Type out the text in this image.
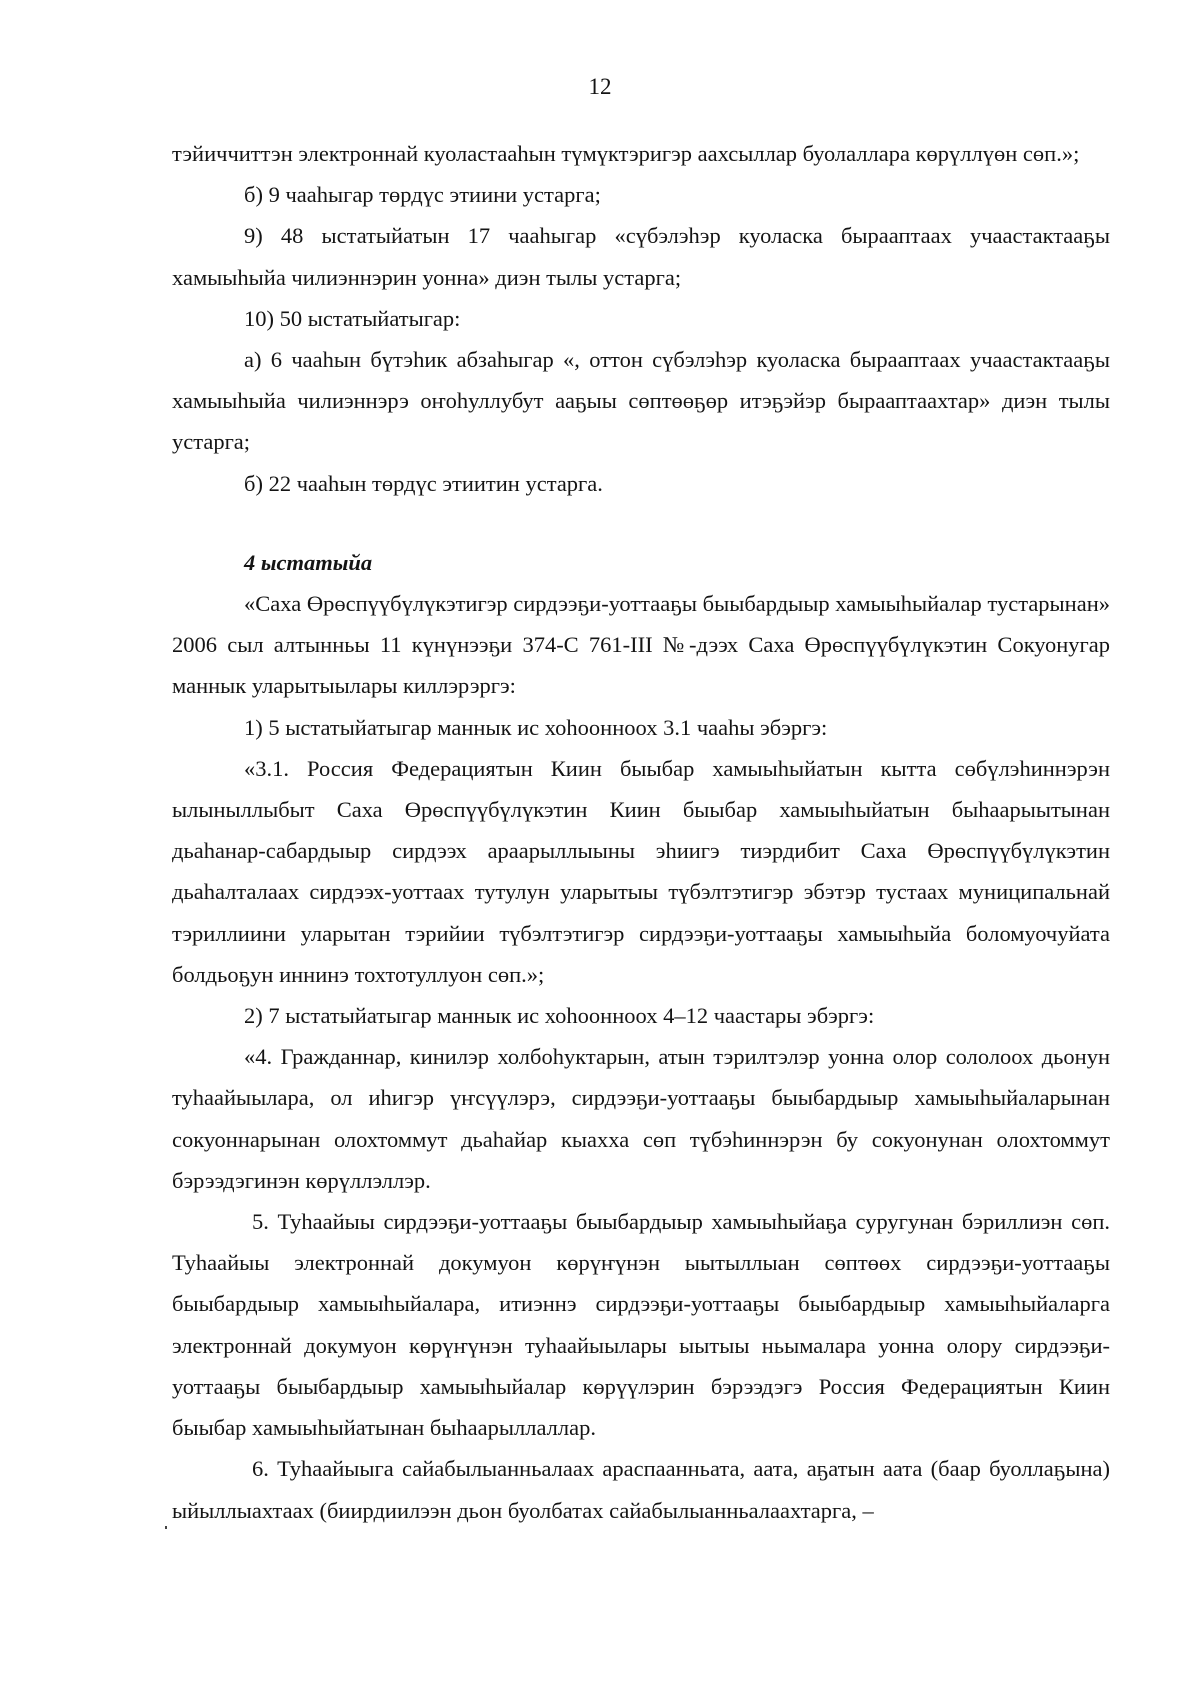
12

тэйиччиттэн электроннай куоластааһын түмүктэригэр аахсыллар буолаллара көрүллүөн сөп.»;

б) 9 чааһыгар төрдүс этиини устарга;

9) 48 ыстатыйатын 17 чааһыгар «сүбэлэһэр куоласка бырааптаах учаастактааҕы хамыыһыйа чилиэннэрин уонна» диэн тылы устарга;

10) 50 ыстатыйатыгар:

а) 6 чааһын бүтэһик абзаһыгар «, оттон сүбэлэһэр куоласка бырааптаах учаастактааҕы хамыыһыйа чилиэннэрэ оҥоһуллубут ааҕыы сөптөөҕөр итэҕэйэр бырааптаахтар» диэн тылы устарга;

б) 22 чааһын төрдүс этиитин устарга.

4 ыстатыйа

«Саха Өрөспүүбүлүкэтигэр сирдээҕи-уоттааҕы быыбардыыр хамыыһыйалар тустарынан» 2006 сыл алтынньы 11 күнүнээҕи 374-С 761-III №-дээх Саха Өрөспүүбүлүкэтин Сокуонугар маннык уларытыылары киллэрэргэ:

1) 5 ыстатыйатыгар маннык ис хоһоонноох 3.1 чааһы эбэргэ:

«3.1. Россия Федерациятын Киин быыбар хамыыһыйатын кытта сөбүлэһиннэрэн ылыныллыбыт Саха Өрөспүүбүлүкэтин Киин быыбар хамыыһыйатын быһаарыытынан дьаһанар-сабардыыр сирдээх араарыллыыны эһиигэ тиэрдибит Саха Өрөспүүбүлүкэтин дьаһалталаах сирдээх-уоттаах тутулун уларытыы түбэлтэтигэр эбэтэр тустаах муниципальнай тэриллиини уларытан тэрийии түбэлтэтигэр сирдээҕи-уоттааҕы хамыыһыйа боломуочуйата болдьоҕун иннинэ тохтотуллуон сөп.»;

2) 7 ыстатыйатыгар маннык ис хоһоонноох 4–12 чаастары эбэргэ:

«4. Гражданнар, кинилэр холбоһуктарын, атын тэрилтэлэр уонна олор сололоох дьонун туһаайыылара, ол иһигэр үҥсүүлэрэ, сирдээҕи-уоттааҕы быыбардыыр хамыыһыйаларынан сокуоннарынан олохтоммут дьаһайар кыахха сөп түбэһиннэрэн бу сокуонунан олохтоммут бэрээдэгинэн көрүллэллэр.

5. Туһаайыы сирдээҕи-уоттааҕы быыбардыыр хамыыһыйаҕа суругунан бэриллиэн сөп. Туһаайыы электроннай докумуон көрүҥүнэн ыытыллыан сөптөөх сирдээҕи-уоттааҕы быыбардыыр хамыыһыйалара, итиэннэ сирдээҕи-уоттааҕы быыбардыыр хамыыһыйаларга электроннай докумуон көрүҥүнэн туһаайыылары ыытыы ньымалара уонна олору сирдээҕи-уоттааҕы быыбардыыр хамыыһыйалар көрүүлэрин бэрээдэгэ Россия Федерациятын Киин быыбар хамыыһыйатынан быһаарыллаллар.

6. Туһаайыыга сайабылыанньалаах араспаанньата, аата, аҕатын аата (баар буоллаҕына) ыйыллыахтаах (биирдиилээн дьон буолбатах сайабылыанньалаахтарга, –
